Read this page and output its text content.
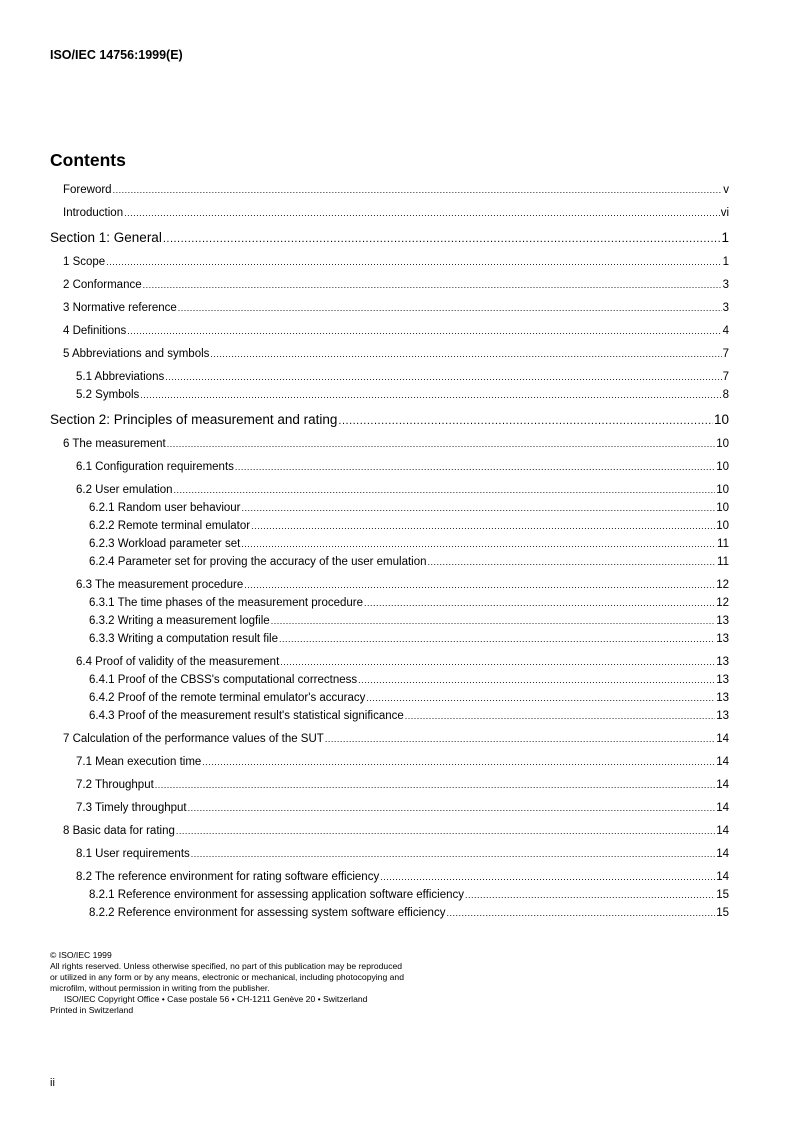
ISO/IEC 14756:1999(E)
Contents
Foreword .....	v
Introduction .....	vi
Section 1: General .....	1
1 Scope .....	1
2 Conformance .....	3
3 Normative reference .....	3
4 Definitions .....	4
5 Abbreviations and symbols .....	7
5.1 Abbreviations .....	7
5.2 Symbols .....	8
Section 2: Principles of measurement and rating .....	10
6 The measurement .....	10
6.1 Configuration requirements .....	10
6.2 User emulation .....	10
6.2.1 Random user behaviour .....	10
6.2.2 Remote terminal emulator .....	10
6.2.3 Workload parameter set .....	11
6.2.4 Parameter set for proving the accuracy of the user emulation .....	11
6.3 The measurement procedure .....	12
6.3.1 The time phases of the measurement procedure .....	12
6.3.2 Writing a measurement logfile .....	13
6.3.3 Writing a computation result file .....	13
6.4 Proof of validity of the measurement .....	13
6.4.1 Proof of the CBSS's computational correctness .....	13
6.4.2 Proof of the remote terminal emulator's accuracy .....	13
6.4.3 Proof of the measurement result's statistical significance .....	13
7 Calculation of the performance values of the SUT .....	14
7.1 Mean execution time .....	14
7.2 Throughput .....	14
7.3 Timely throughput .....	14
8 Basic data for rating .....	14
8.1 User requirements .....	14
8.2 The reference environment for rating software efficiency .....	14
8.2.1 Reference environment for assessing application software efficiency .....	15
8.2.2 Reference environment for assessing system software efficiency .....	15
© ISO/IEC 1999
All rights reserved. Unless otherwise specified, no part of this publication may be reproduced
or utilized in any form or by any means, electronic or mechanical, including photocopying and
microfilm, without permission in writing from the publisher.
ISO/IEC Copyright Office • Case postale 56 • CH-1211 Genève 20 • Switzerland
Printed in Switzerland
ii
